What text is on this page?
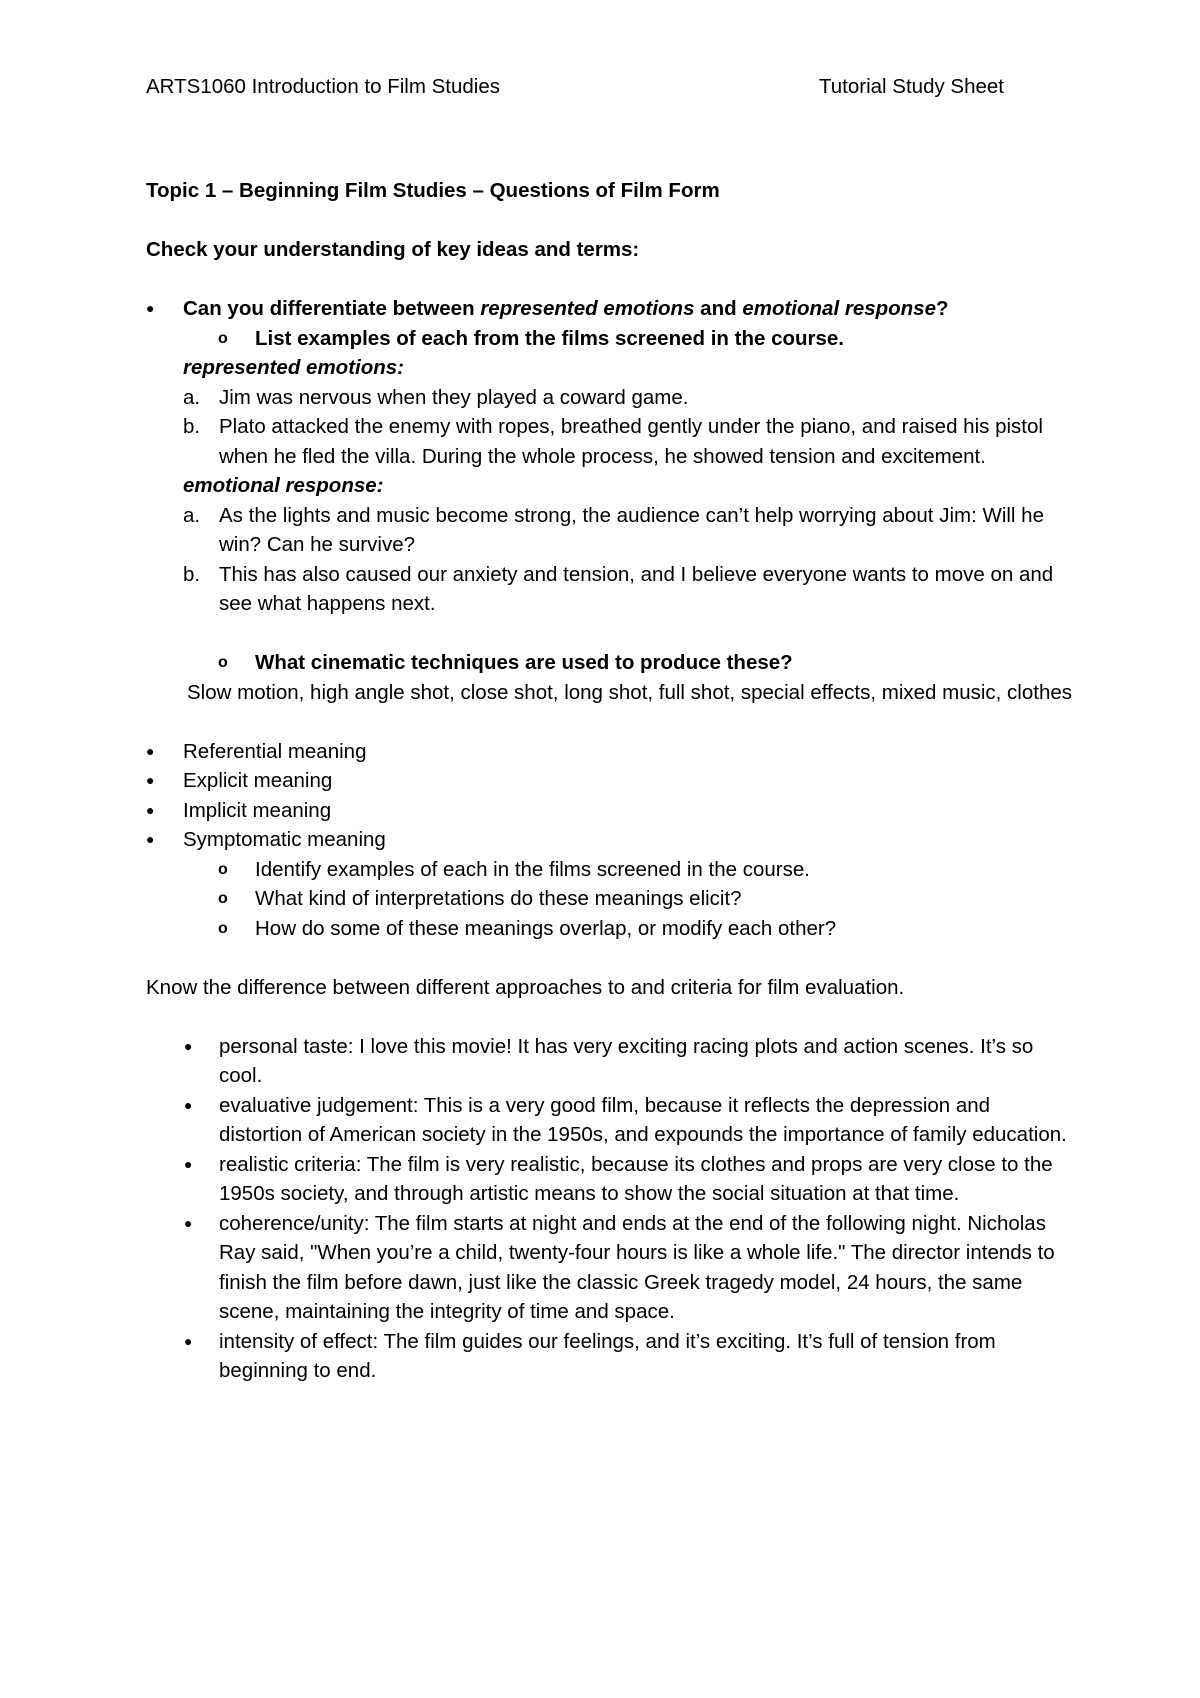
ARTS1060 Introduction to Film Studies	Tutorial Study Sheet

Topic 1 – Beginning Film Studies – Questions of Film Form

Check your understanding of key ideas and terms:

● Can you differentiate between represented emotions and emotional response?
o List examples of each from the films screened in the course.

represented emotions:

a. Jim was nervous when they played a coward game.
b. Plato attacked the enemy with ropes, breathed gently under the piano, and raised his pistol when he fled the villa. During the whole process, he showed tension and excitement.

emotional response:

a. As the lights and music become strong, the audience can’t help worrying about Jim: Will he win? Can he survive?
b. This has also caused our anxiety and tension, and I believe everyone wants to move on and see what happens next.
o What cinematic techniques are used to produce these?

Slow motion, high angle shot, close shot, long shot, full shot, special effects, mixed music, clothes

● Referential meaning
● Explicit meaning
● Implicit meaning
● Symptomatic meaning
o Identify examples of each in the films screened in the course.
o What kind of interpretations do these meanings elicit?
o How do some of these meanings overlap, or modify each other?

Know the difference between different approaches to and criteria for film evaluation.

● personal taste: I love this movie! It has very exciting racing plots and action scenes. It’s so cool.
● evaluative judgement: This is a very good film, because it reflects the depression and distortion of American society in the 1950s, and expounds the importance of family education.
● realistic criteria: The film is very realistic, because its clothes and props are very close to the 1950s society, and through artistic means to show the social situation at that time.
● coherence/unity: The film starts at night and ends at the end of the following night. Nicholas Ray said, "When you’re a child, twenty-four hours is like a whole life." The director intends to finish the film before dawn, just like the classic Greek tragedy model, 24 hours, the same scene, maintaining the integrity of time and space.
● intensity of effect: The film guides our feelings, and it’s exciting. It’s full of tension from beginning to end.
